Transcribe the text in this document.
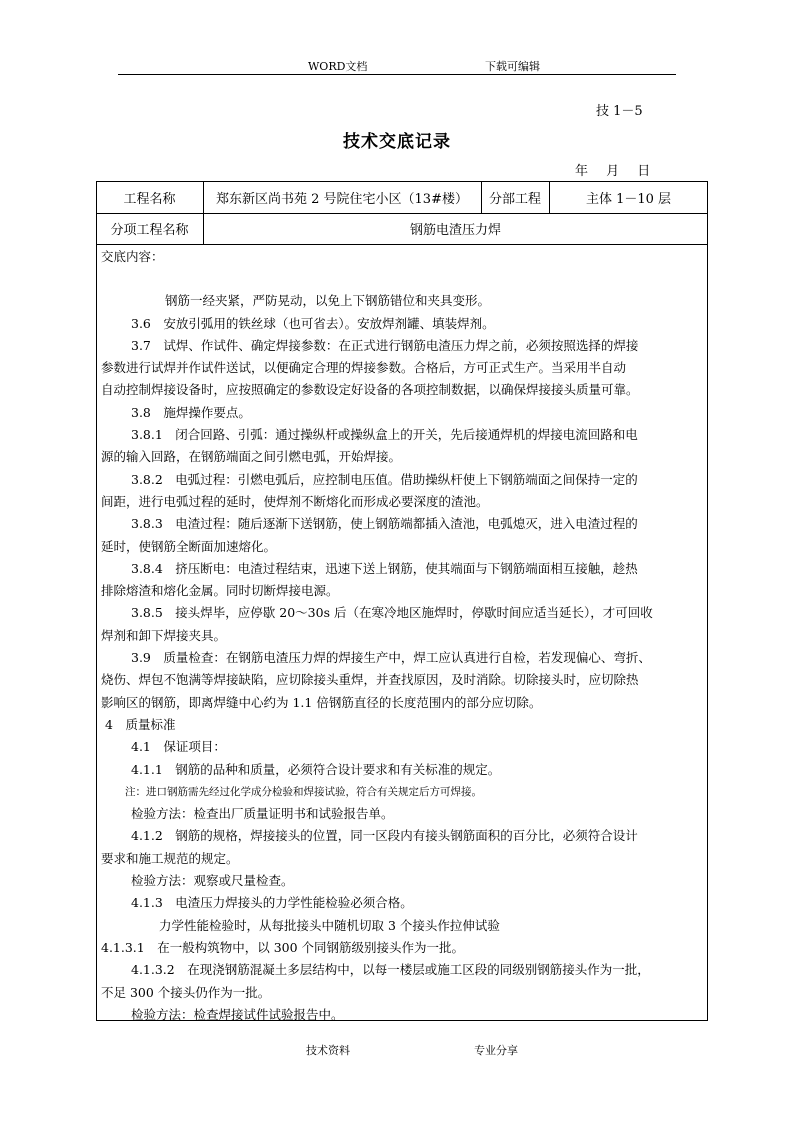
WORD文档	下载可编辑
技 1－5
技术交底记录
年 月 日
工程名称	郑东新区尚书苑 2 号院住宅小区（13#楼）	分部工程	主体 1－10 层
分项工程名称	钢筋电渣压力焊

交底内容：

钢筋一经夹紧，严防晃动，以免上下钢筋错位和夹具变形。

3.6　安放引弧用的铁丝球（也可省去）。安放焊剂罐、填装焊剂。

3.7　试焊、作试件、确定焊接参数：在正式进行钢筋电渣压力焊之前，必须按照选择的焊接

参数进行试焊并作试件送试，以便确定合理的焊接参数。合格后，方可正式生产。当采用半自动

自动控制焊接设备时，应按照确定的参数设定好设备的各项控制数据，以确保焊接接头质量可靠。

3.8　施焊操作要点。

3.8.1　闭合回路、引弧：通过操纵杆或操纵盒上的开关，先后接通焊机的焊接电流回路和电

源的输入回路，在钢筋端面之间引燃电弧，开始焊接。

3.8.2　电弧过程：引燃电弧后，应控制电压值。借助操纵杆使上下钢筋端面之间保持一定的

间距，进行电弧过程的延时，使焊剂不断熔化而形成必要深度的渣池。

3.8.3　电渣过程：随后逐渐下送钢筋，使上钢筋端都插入渣池，电弧熄灭，进入电渣过程的

延时，使钢筋全断面加速熔化。

3.8.4　挤压断电：电渣过程结束，迅速下送上钢筋，使其端面与下钢筋端面相互接触，趁热

排除熔渣和熔化金属。同时切断焊接电源。

3.8.5　接头焊毕，应停歇 20～30s 后（在寒冷地区施焊时，停歇时间应适当延长），才可回收

焊剂和卸下焊接夹具。

3.9　质量检查：在钢筋电渣压力焊的焊接生产中，焊工应认真进行自检，若发现偏心、弯折、

烧伤、焊包不饱满等焊接缺陷，应切除接头重焊，并查找原因，及时消除。切除接头时，应切除热

影响区的钢筋，即离焊缝中心约为 1.1 倍钢筋直径的长度范围内的部分应切除。

4　质量标准

4.1　保证项目：

4.1.1　钢筋的品种和质量，必须符合设计要求和有关标准的规定。

注：进口钢筋需先经过化学成分检验和焊接试验，符合有关规定后方可焊接。

检验方法：检查出厂质量证明书和试验报告单。

4.1.2　钢筋的规格，焊接接头的位置，同一区段内有接头钢筋面积的百分比，必须符合设计

要求和施工规范的规定。

检验方法：观察或尺量检查。

4.1.3　电渣压力焊接头的力学性能检验必须合格。

力学性能检验时，从每批接头中随机切取 3 个接头作拉伸试验

4.1.3.1　在一般构筑物中，以 300 个同钢筋级别接头作为一批。

4.1.3.2　在现浇钢筋混凝土多层结构中，以每一楼层或施工区段的同级别钢筋接头作为一批，

不足 300 个接头仍作为一批。

检验方法：检查焊接试件试验报告中。

技术资料	专业分享
